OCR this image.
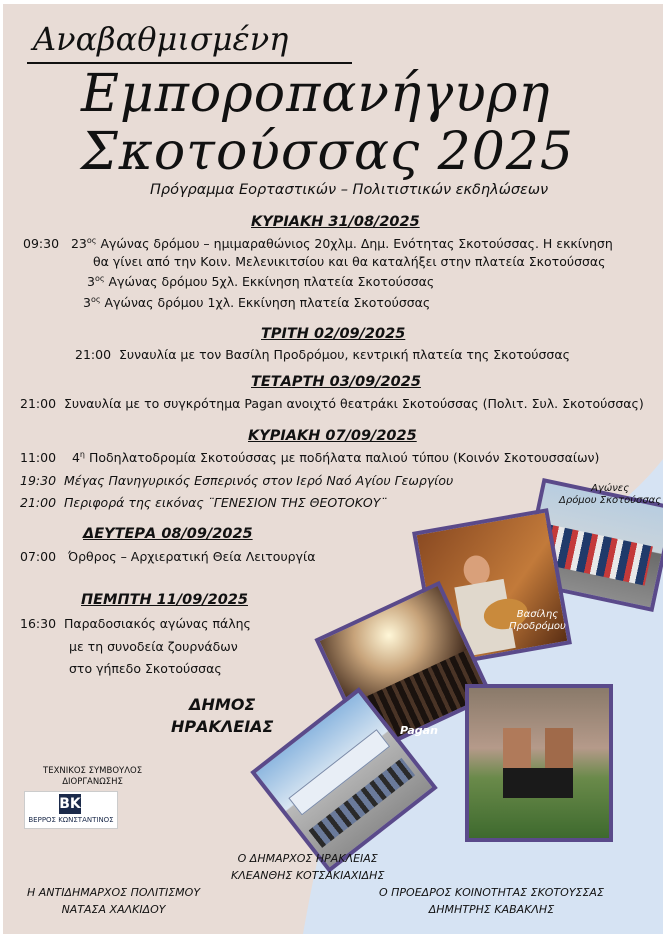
Αναβαθμισμένη
Εμποροπανήγυρη
Σκοτούσσας 2025
Πρόγραμμα Εορταστικών – Πολιτιστικών εκδηλώσεων
ΚΥΡΙΑΚΗ 31/08/2025
09:30 $23^{o\varsigma}$ Αγώνας δρόμου – ημιμαραθώνιος 20χλμ. Δημ. Ενότητας Σκοτούσσας. Η εκκίνηση
θα γίνει από την Κοιν. Μελενικιτσίου και θα καταλήξει στην πλατεία Σκοτούσσας
$3^{o\varsigma}$ Αγώνας δρόμου 5χλ. Εκκίνηση πλατεία Σκοτούσσας
$3^{o\varsigma}$ Αγώνας δρόμου 1χλ. Εκκίνηση πλατεία Σκοτούσσας
ΤΡΙΤΗ 02/09/2025
21:00 Συναυλία με τον Βασίλη Προδρόμου, κεντρική πλατεία της Σκοτούσσας
ΤΕΤΑΡΤΗ 03/09/2025
21:00 Συναυλία με το συγκρότημα Pagan ανοιχτό θεατράκι Σκοτούσσας (Πολιτ. Συλ. Σκοτούσσας)
ΚΥΡΙΑΚΗ 07/09/2025
11:00 $4^\eta$ Ποδηλατοδρομία Σκοτούσσας με ποδήλατα παλιού τύπου (Κοινόν Σκοτουσσαίων)
19:30 Μέγας Πανηγυρικός Εσπερινός στον Ιερό Ναό Αγίου Γεωργίου
21:00 Περιφορά της εικόνας ¨ΓΕΝΕΣΙΟΝ ΤΗΣ ΘΕΟΤΟΚΟΥ¨
ΔΕΥΤΕΡΑ 08/09/2025
07:00 Όρθρος – Αρχιερατική Θεία Λειτουργία
ΠΕΜΠΤΗ 11/09/2025
16:30 Παραδοσιακός αγώνας πάλης
με τη συνοδεία ζουρνάδων
στο γήπεδο Σκοτούσσας
ΔΗΜΟΣ
ΗΡΑΚΛΕΙΑΣ
Αγώνες
Δρόμου Σκοτούσσας
Βασίλης
Προδρόμου
Pagan
ΤΕΧΝΙΚΟΣ ΣΥΜΒΟΥΛΟΣ
ΔΙΟΡΓΑΝΩΣΗΣ
BK
ΒΕΡΡΟΣ ΚΩΝΣΤΑΝΤΙΝΟΣ
Ο ΔΗΜΑΡΧΟΣ ΗΡΑΚΛΕΙΑΣ
ΚΛΕΑΝΘΗΣ ΚΟΤΣΑΚΙΑΧΙΔΗΣ
Η ΑΝΤΙΔΗΜΑΡΧΟΣ ΠΟΛΙΤΙΣΜΟΥ
ΝΑΤΑΣΑ ΧΑΛΚΙΔΟΥ
Ο ΠΡΟΕΔΡΟΣ ΚΟΙΝΟΤΗΤΑΣ ΣΚΟΤΟΥΣΣΑΣ
ΔΗΜΗΤΡΗΣ ΚΑΒΑΚΛΗΣ
